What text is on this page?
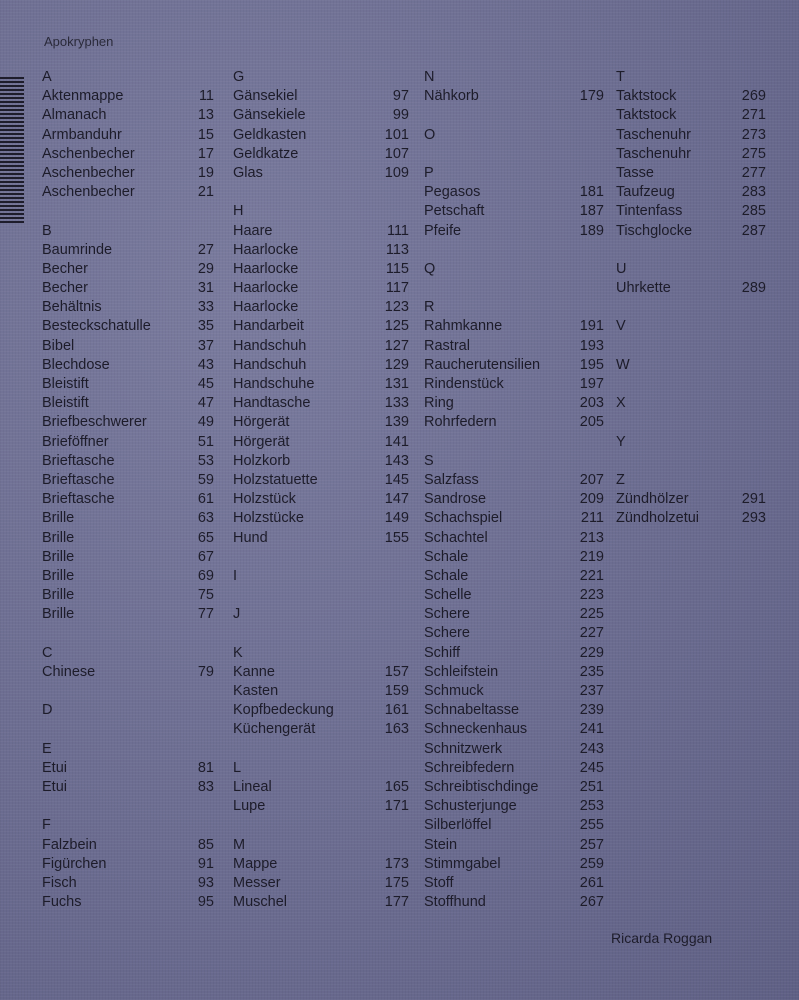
Apokryphen
A
Aktenmappe	11
Almanach	13
Armbanduhr	15
Aschenbecher	17
Aschenbecher	19
Aschenbecher	21
B
Baumrinde	27
Becher	29
Becher	31
Behältnis	33
Besteckschatulle	35
Bibel	37
Blechdose	43
Bleistift	45
Bleistift	47
Briefbeschwerer	49
Brieföffner	51
Brieftasche	53
Brieftasche	59
Brieftasche	61
Brille	63
Brille	65
Brille	67
Brille	69
Brille	75
Brille	77
C
Chinese	79
D
E
Etui	81
Etui	83
F
Falzbein	85
Figürchen	91
Fisch	93
Fuchs	95
G
Gänsekiel	97
Gänsekiele	99
Geldkasten	101
Geldkatze	107
Glas	109
H
Haare	111
Haarlocke	113
Haarlocke	115
Haarlocke	117
Haarlocke	123
Handarbeit	125
Handschuh	127
Handschuh	129
Handschuhe	131
Handtasche	133
Hörgerät	139
Hörgerät	141
Holzkorb	143
Holzstatuette	145
Holzstück	147
Holzstücke	149
Hund	155
I
J
K
Kanne	157
Kasten	159
Kopfbedeckung	161
Küchengerät	163
L
Lineal	165
Lupe	171
M
Mappe	173
Messer	175
Muschel	177
N
Nähkorb	179
O
P
Pegasos	181
Petschaft	187
Pfeife	189
Q
R
Rahmkanne	191
Rastral	193
Raucherutensilien	195
Rindenstück	197
Ring	203
Rohrfedern	205
S
Salzfass	207
Sandrose	209
Schachspiel	211
Schachtel	213
Schale	219
Schale	221
Schelle	223
Schere	225
Schere	227
Schiff	229
Schleifstein	235
Schmuck	237
Schnabeltasse	239
Schneckenhaus	241
Schnitzwerk	243
Schreibfedern	245
Schreibtischdinge	251
Schusterjunge	253
Silberlöffel	255
Stein	257
Stimmgabel	259
Stoff	261
Stoffhund	267
T
Taktstock	269
Taktstock	271
Taschenuhr	273
Taschenuhr	275
Tasse	277
Taufzeug	283
Tintenfass	285
Tischglocke	287
U
Uhrkette	289
V
W
X
Y
Z
Zündhölzer	291
Zündholzetui	293
Ricarda Roggan
